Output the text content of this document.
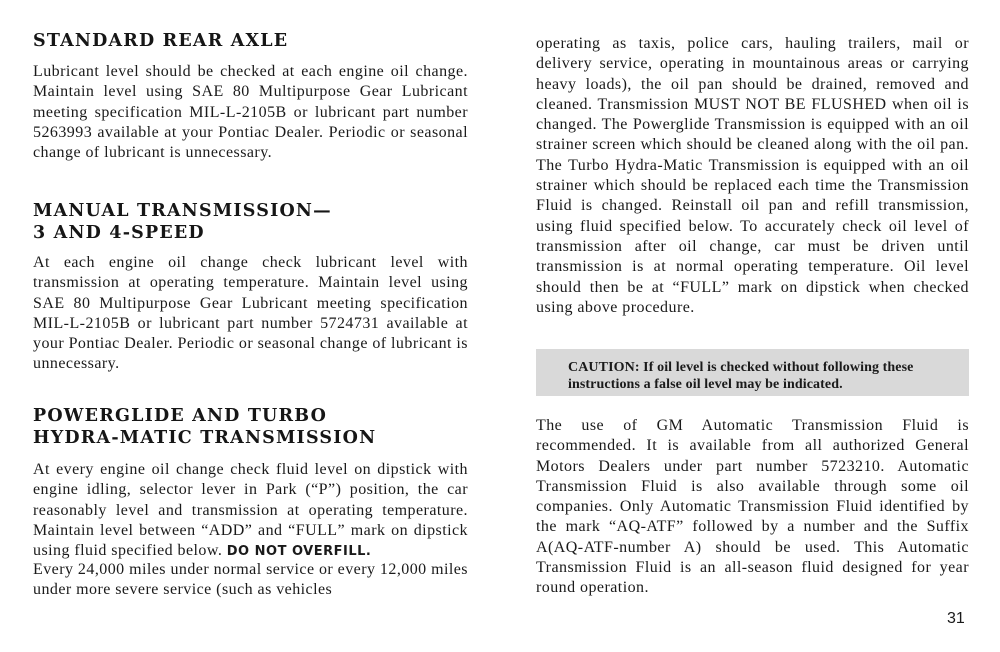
STANDARD REAR AXLE

Lubricant level should be checked at each engine oil change. Maintain level using SAE 80 Multipurpose Gear Lubricant meeting specification MIL-L-2105B or lubricant part number 5263993 available at your Pontiac Dealer. Periodic or seasonal change of lubricant is unnecessary.

MANUAL TRANSMISSION—
3 AND 4-SPEED

At each engine oil change check lubricant level with transmission at operating temperature. Maintain level using SAE 80 Multipurpose Gear Lubricant meeting specification MIL-L-2105B or lubricant part number 5724731 available at your Pontiac Dealer. Periodic or seasonal change of lubricant is unnecessary.

POWERGLIDE AND TURBO
HYDRA-MATIC TRANSMISSION

At every engine oil change check fluid level on dipstick with engine idling, selector lever in Park (“P”) position, the car reasonably level and transmission at operating temperature. Maintain level between “ADD” and “FULL” mark on dipstick using fluid specified below. DO NOT OVERFILL.

Every 24,000 miles under normal service or every 12,000 miles under more severe service (such as vehicles

operating as taxis, police cars, hauling trailers, mail or delivery service, operating in mountainous areas or carrying heavy loads), the oil pan should be drained, removed and cleaned. Transmission MUST NOT BE FLUSHED when oil is changed. The Powerglide Transmission is equipped with an oil strainer screen which should be cleaned along with the oil pan. The Turbo Hydra-Matic Transmission is equipped with an oil strainer which should be replaced each time the Transmission Fluid is changed. Reinstall oil pan and refill transmission, using fluid specified below. To accurately check oil level of transmission after oil change, car must be driven until transmission is at normal operating temperature. Oil level should then be at “FULL” mark on dipstick when checked using above procedure.

The use of GM Automatic Transmission Fluid is recommended. It is available from all authorized General Motors Dealers under part number 5723210. Automatic Transmission Fluid is also available through some oil companies. Only Automatic Transmission Fluid identified by the mark “AQ-ATF” followed by a number and the Suffix A(AQ-ATF-number A) should be used. This Automatic Transmission Fluid is an all-season fluid designed for year round operation.

CAUTION: If oil level is checked without following these instructions a false oil level may be indicated.
31
